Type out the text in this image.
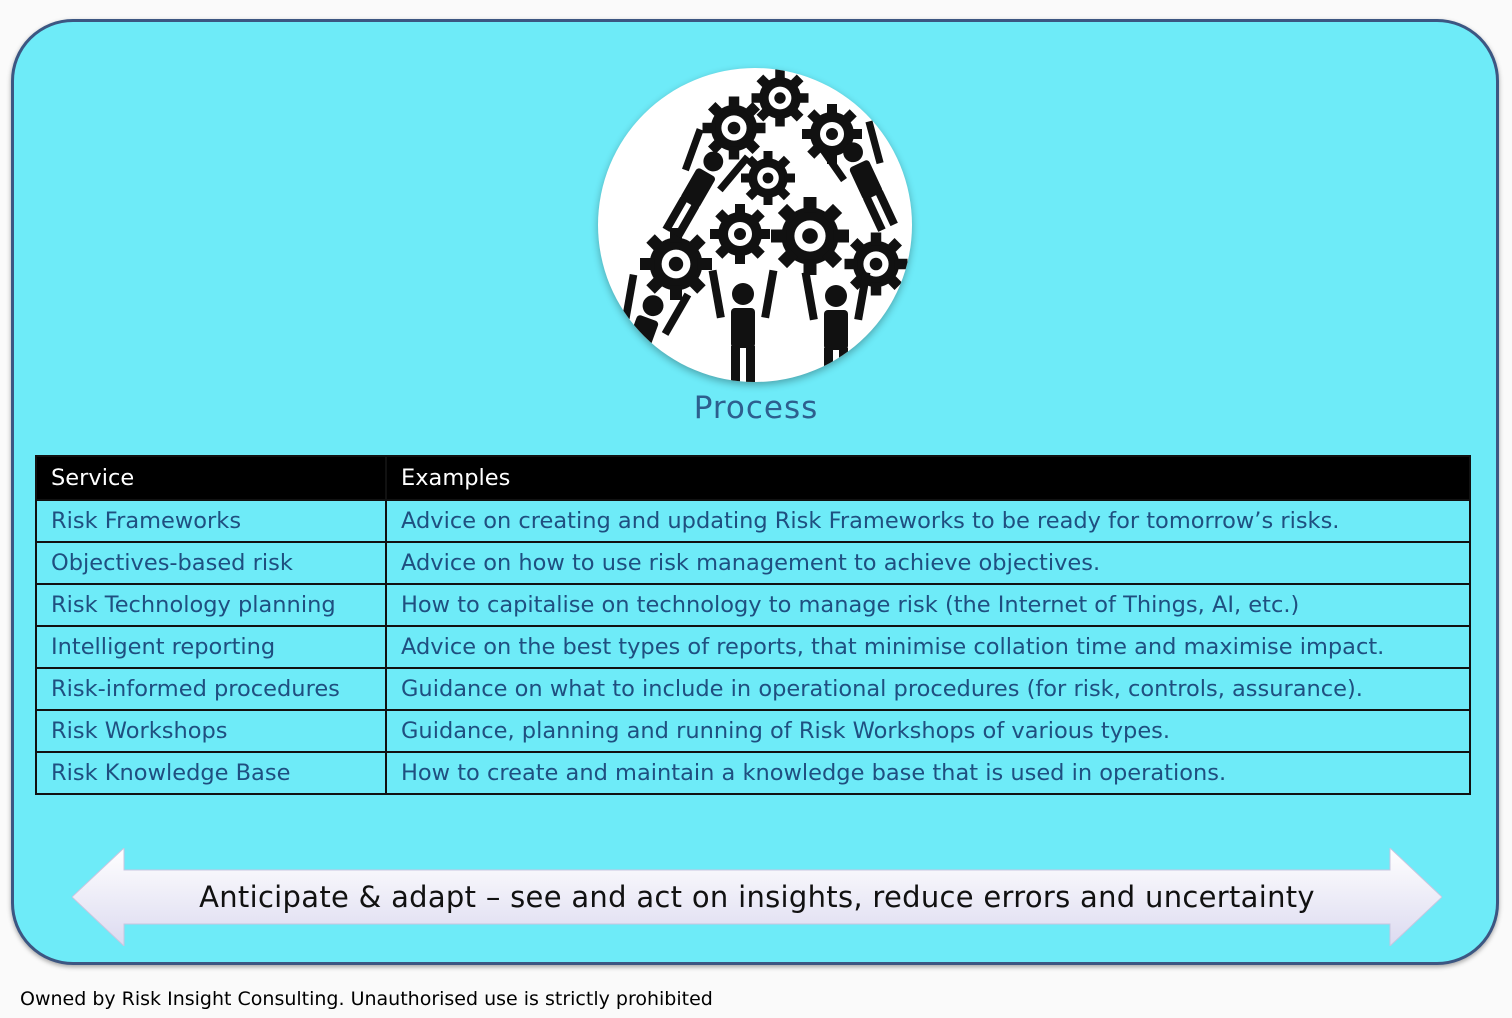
Process
Service	Examples
Risk Frameworks	Advice on creating and updating Risk Frameworks to be ready for tomorrow’s risks.
Objectives-based risk	Advice on how to use risk management to achieve objectives.
Risk Technology planning	How to capitalise on technology to manage risk (the Internet of Things, AI, etc.)
Intelligent reporting	Advice on the best types of reports, that minimise collation time and maximise impact.
Risk-informed procedures	Guidance on what to include in operational procedures (for risk, controls, assurance).
Risk Workshops	Guidance, planning and running of Risk Workshops of various types.
Risk Knowledge Base	How to create and maintain a knowledge base that is used in operations.
Anticipate & adapt – see and act on insights, reduce errors and uncertainty
Owned by Risk Insight Consulting. Unauthorised use is strictly prohibited
